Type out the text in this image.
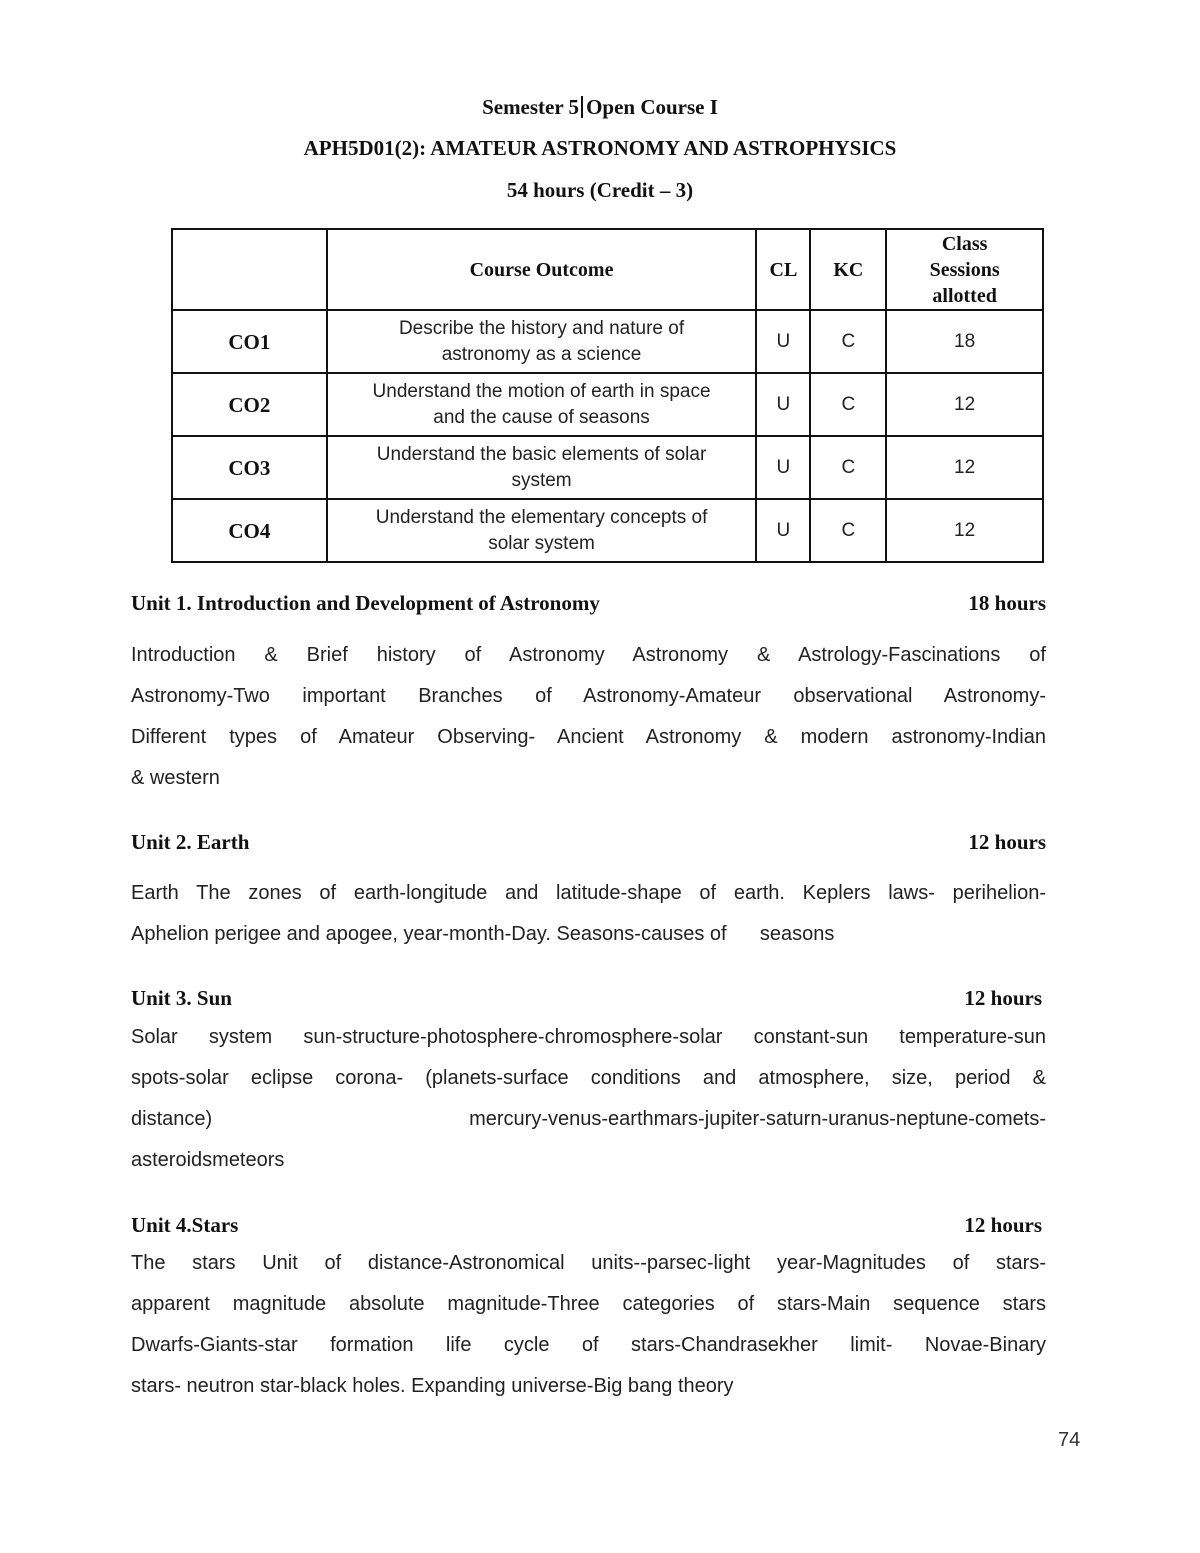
Semester 5 Open Course I
APH5D01(2): AMATEUR ASTRONOMY AND ASTROPHYSICS
54 hours (Credit – 3)
	Course Outcome	CL	KC	Class
Sessions
allotted
CO1	Describe the history and nature of
astronomy as a science	U	C	18
CO2	Understand the motion of earth in space
and the cause of seasons	U	C	12
CO3	Understand the basic elements of solar
system	U	C	12
CO4	Understand the elementary concepts of
solar system	U	C	12
Unit 1. Introduction and Development of Astronomy	18 hours
Introduction & Brief history of Astronomy Astronomy & Astrology-Fascinations of
Astronomy-Two important Branches of Astronomy-Amateur observational Astronomy-
Different types of Amateur Observing- Ancient Astronomy & modern astronomy-Indian
& western
Unit 2. Earth	12 hours
Earth The zones of earth-longitude and latitude-shape of earth. Keplers laws- perihelion-
Aphelion perigee and apogee, year-month-Day. Seasons-causes of      seasons
Unit 3. Sun	12 hours
Solar system sun-structure-photosphere-chromosphere-solar constant-sun temperature-sun
spots-solar eclipse corona- (planets-surface conditions and atmosphere, size, period &
distance) mercury-venus-earthmars-jupiter-saturn-uranus-neptune-comets-
asteroidsmeteors
Unit 4.Stars	12 hours
The stars Unit of distance-Astronomical units--parsec-light year-Magnitudes of stars-
apparent magnitude absolute magnitude-Three categories of stars-Main sequence stars
Dwarfs-Giants-star formation life cycle of stars-Chandrasekher limit- Novae-Binary
stars- neutron star-black holes. Expanding universe-Big bang theory
74
